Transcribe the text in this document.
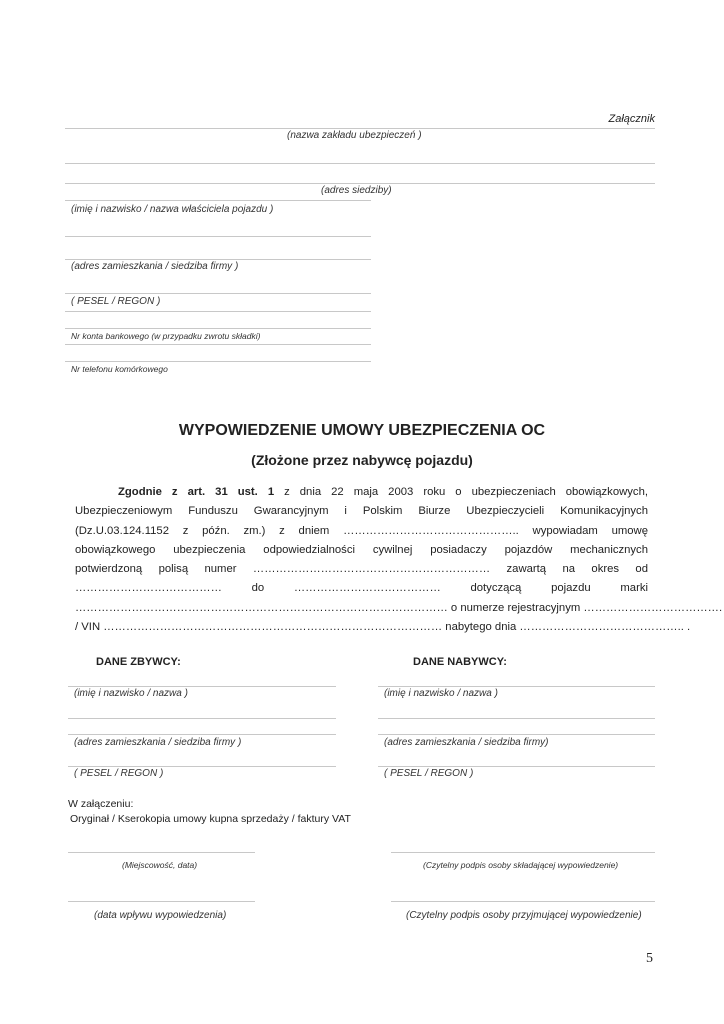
Załącznik
(nazwa zakładu ubezpieczeń )
(adres siedziby)
(imię i nazwisko / nazwa właściciela pojazdu )
(adres zamieszkania / siedziba firmy )
( PESEL / REGON )
Nr konta bankowego (w przypadku zwrotu składki)
Nr telefonu komórkowego
WYPOWIEDZENIE UMOWY UBEZPIECZENIA OC
(Złożone przez nabywcę pojazdu)
Zgodnie z art. 31 ust. 1 z dnia 22 maja 2003 roku o ubezpieczeniach obowiązkowych,
Ubezpieczeniowym Funduszu Gwarancyjnym i Polskim Biurze Ubezpieczycieli Komunikacyjnych
(Dz.U.03.124.1152 z późn. zm.) z dniem ……………………………………….. wypowiadam umowę
obowiązkowego ubezpieczenia odpowiedzialności cywilnej posiadaczy pojazdów mechanicznych
potwierdzoną polisą numer ……………………………………………………… zawartą na okres od
………………………………… do ………………………………… dotyczącą pojazdu marki
……………………………………………………………………………………… o numerze rejestracyjnym ……………………………….
/ VIN ……………………………………………………………………………… nabytego dnia …………………………………….. .
DANE ZBYWCY:	DANE NABYWCY:
(imię i nazwisko / nazwa )	(imię i nazwisko / nazwa )
(adres zamieszkania / siedziba firmy )	(adres zamieszkania / siedziba firmy)
( PESEL / REGON )	( PESEL / REGON )
W załączeniu:
Oryginał / Kserokopia umowy kupna sprzedaży / faktury VAT
(Miejscowość, data)	(Czytelny podpis osoby składającej wypowiedzenie)
(data wpływu wypowiedzenia)	(Czytelny podpis osoby przyjmującej wypowiedzenie)
5
